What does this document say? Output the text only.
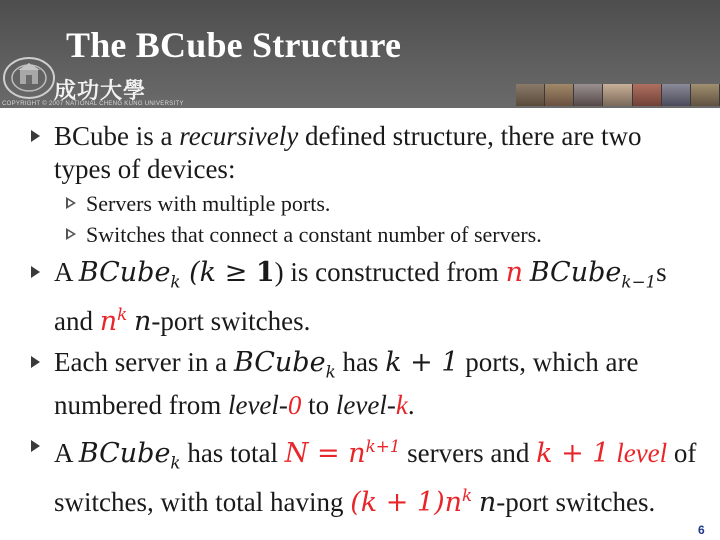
The BCube Structure
成功大學
COPYRIGHT © 2007 NATIONAL CHENG KUNG UNIVERSITY
BCube is a recursively defined structure, there are two types of devices:
Servers with multiple ports.
Switches that connect a constant number of servers.
A BCube$_k$ (k ≥ 1) is constructed from n BCube$_{k-1}$s and $n^k$ n-port switches.
Each server in a BCube$_k$ has k + 1 ports, which are numbered from level-0 to level-k.
A BCube$_k$ has total $N = n^{k+1}$ servers and k + 1 level of switches, with total having $(k + 1)n^k$ n-port switches.
6
